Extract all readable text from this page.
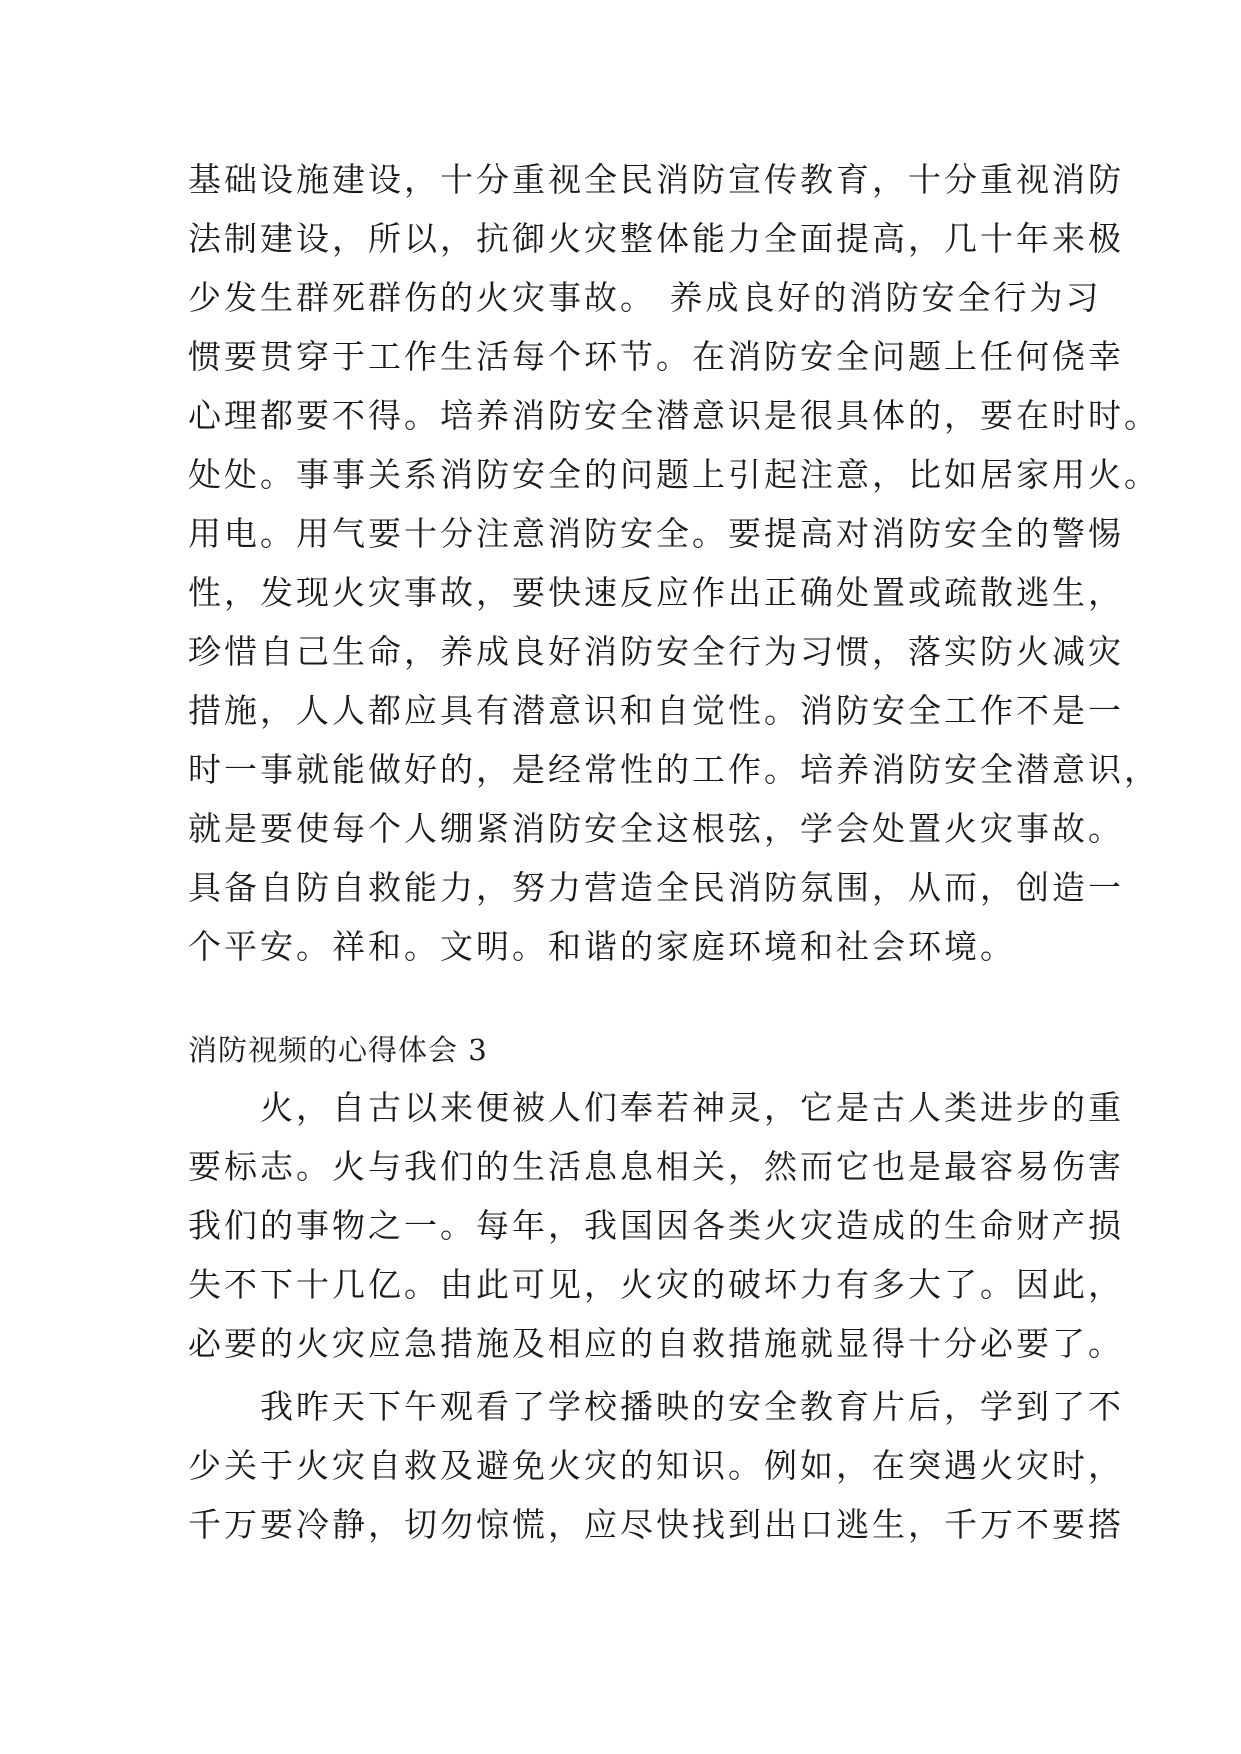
基础设施建设，十分重视全民消防宣传教育，十分重视消防
法制建设，所以，抗御火灾整体能力全面提高，几十年来极
少发生群死群伤的火灾事故。 养成良好的消防安全行为习
惯要贯穿于工作生活每个环节。在消防安全问题上任何侥幸
心理都要不得。培养消防安全潜意识是很具体的，要在时时。
处处。事事关系消防安全的问题上引起注意，比如居家用火。
用电。用气要十分注意消防安全。要提高对消防安全的警惕
性，发现火灾事故，要快速反应作出正确处置或疏散逃生，
珍惜自己生命，养成良好消防安全行为习惯，落实防火减灾
措施，人人都应具有潜意识和自觉性。消防安全工作不是一
时一事就能做好的，是经常性的工作。培养消防安全潜意识，
就是要使每个人绷紧消防安全这根弦，学会处置火灾事故。
具备自防自救能力，努力营造全民消防氛围，从而，创造一
个平安。祥和。文明。和谐的家庭环境和社会环境。
消防视频的心得体会 3
　　火，自古以来便被人们奉若神灵，它是古人类进步的重
要标志。火与我们的生活息息相关，然而它也是最容易伤害
我们的事物之一。每年，我国因各类火灾造成的生命财产损
失不下十几亿。由此可见，火灾的破坏力有多大了。因此，
必要的火灾应急措施及相应的自救措施就显得十分必要了。
　　我昨天下午观看了学校播映的安全教育片后，学到了不
少关于火灾自救及避免火灾的知识。例如，在突遇火灾时，
千万要冷静，切勿惊慌，应尽快找到出口逃生，千万不要搭
